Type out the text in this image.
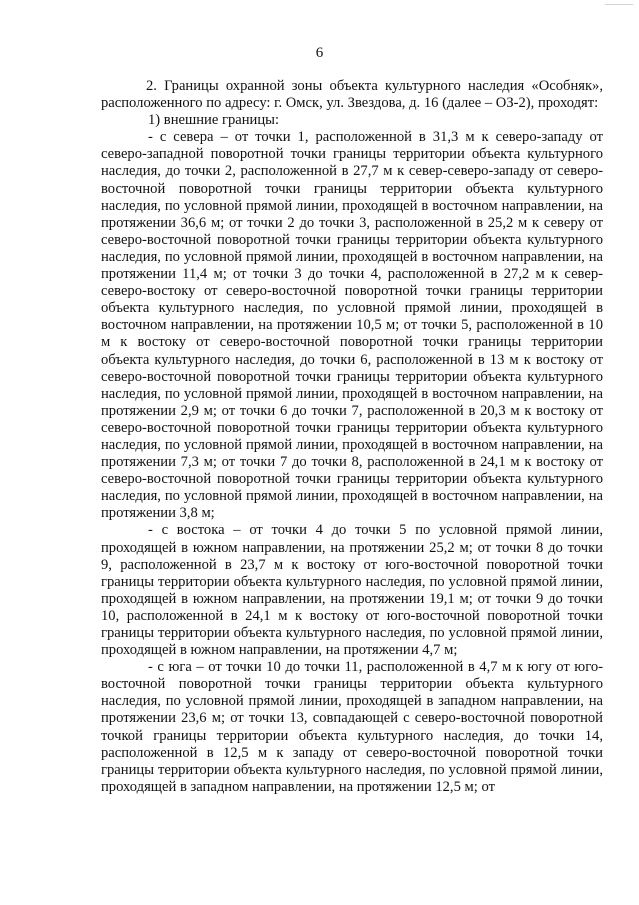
6

2. Границы охранной зоны объекта культурного наследия «Особняк», расположенного по адресу: г. Омск, ул. Звездова, д. 16 (далее – ОЗ-2), проходят:

1) внешние границы:

- с севера – от точки 1, расположенной в 31,3 м к северо-западу от северо-западной поворотной точки границы территории объекта культурного наследия, до точки 2, расположенной в 27,7 м к север-северо-западу от северо-восточной поворотной точки границы территории объекта культурного наследия, по условной прямой линии, проходящей в восточном направлении, на протяжении 36,6 м; от точки 2 до точки 3, расположенной в 25,2 м к северу от северо-восточной поворотной точки границы территории объекта культурного наследия, по условной прямой линии, проходящей в восточном направлении, на протяжении 11,4 м; от точки 3 до точки 4, расположенной в 27,2 м к север-северо-востоку от северо-восточной поворотной точки границы территории объекта культурного наследия, по условной прямой линии, проходящей в восточном направлении, на протяжении 10,5 м; от точки 5, расположенной в 10 м к востоку от северо-восточной поворотной точки границы территории объекта культурного наследия, до точки 6, расположенной в 13 м к востоку от северо-восточной поворотной точки границы территории объекта культурного наследия, по условной прямой линии, проходящей в восточном направлении, на протяжении 2,9 м; от точки 6 до точки 7, расположенной в 20,3 м к востоку от северо-восточной поворотной точки границы территории объекта культурного наследия, по условной прямой линии, проходящей в восточном направлении, на протяжении 7,3 м; от точки 7 до точки 8, расположенной в 24,1 м к востоку от северо-восточной поворотной точки границы территории объекта культурного наследия, по условной прямой линии, проходящей в восточном направлении, на протяжении 3,8 м;

- с востока – от точки 4 до точки 5 по условной прямой линии, проходящей в южном направлении, на протяжении 25,2 м; от точки 8 до точки 9, расположенной в 23,7 м к востоку от юго-восточной поворотной точки границы территории объекта культурного наследия, по условной прямой линии, проходящей в южном направлении, на протяжении 19,1 м; от точки 9 до точки 10, расположенной в 24,1 м к востоку от юго-восточной поворотной точки границы территории объекта культурного наследия, по условной прямой линии, проходящей в южном направлении, на протяжении 4,7 м;

- с юга – от точки 10 до точки 11, расположенной в 4,7 м к югу от юго-восточной поворотной точки границы территории объекта культурного наследия, по условной прямой линии, проходящей в западном направлении, на протяжении 23,6 м; от точки 13, совпадающей с северо-восточной поворотной точкой границы территории объекта культурного наследия, до точки 14, расположенной в 12,5 м к западу от северо-восточной поворотной точки границы территории объекта культурного наследия, по условной прямой линии, проходящей в западном направлении, на протяжении 12,5 м; от
